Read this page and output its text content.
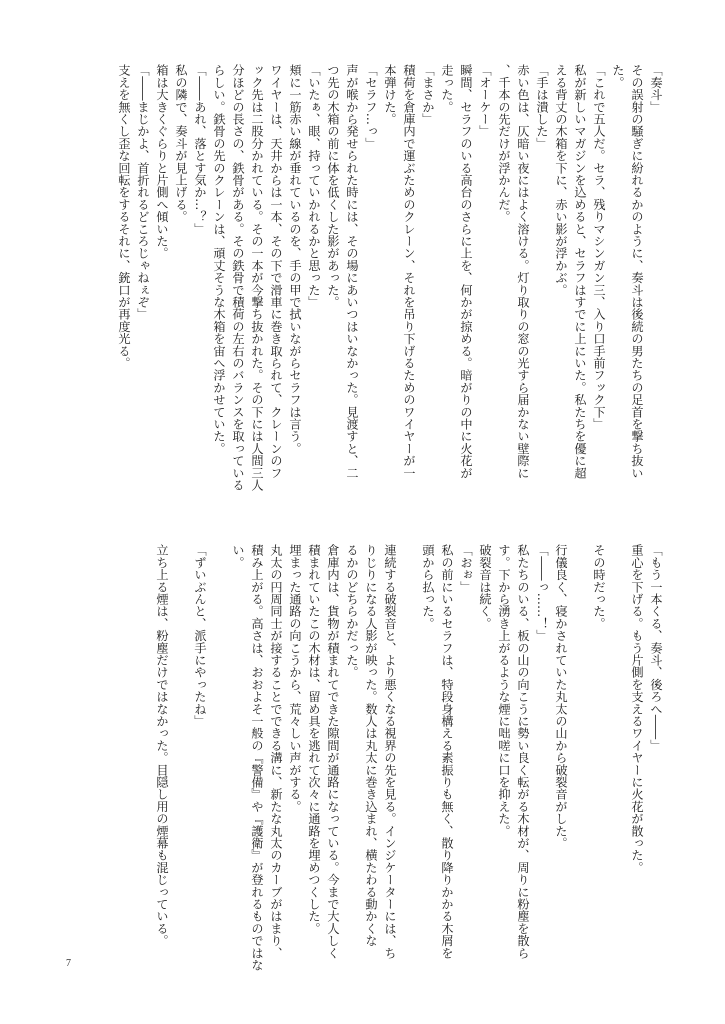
「奏斗」
その誤射の騒ぎに紛れるかのように、奏斗は後続の男たちの足首を撃ち抜い
た。
「これで五人だ。セラ、残りマシンガン三、入り口手前フック下」
私が新しいマガジンを込めると、セラフはすでに上にいた。私たちを優に超
える背丈の木箱を下に、赤い影が浮かぶ。
「手は潰した」
赤い色は、仄暗い夜にはよく溶ける。灯り取りの窓の光すら届かない壁際に
、千本の先だけが浮かんだ。
「オーケー」
瞬間、セラフのいる高台のさらに上を、何かが掠める。暗がりの中に火花が
走った。
「まさか」
積荷を倉庫内で運ぶためのクレーン、それを吊り下げるためのワイヤーが一
本弾けた。
「セラフ…っ」
声が喉から発せられた時には、その場にあいつはいなかった。見渡すと、二
つ先の木箱の前に体を低くした影があった。
「いたぁ、眼、持っていかれるかと思った」
頬に一筋赤い線が垂れているのを、手の甲で拭いながらセラフは言う。
ワイヤーは、天井からは一本、その下で滑車に巻き取られて、クレーンのフ
ック先は二股分かれている。その一本が今撃ち抜かれた。その下には人間三人
分ほどの長さの、鉄骨がある。その鉄骨で積荷の左右のバランスを取っている
らしい。鉄骨の先のクレーンは、頑丈そうな木箱を宙へ浮かせていた。
「――あれ、落とす気か…？」
私の隣で、奏斗が見上げる。
箱は大きくぐらりと片側へ傾いた。
「――まじかよ、首折れるどころじゃねぇぞ」
支えを無くし歪な回転をするそれに、銃口が再度光る。
「もう一本くる、奏斗、後ろへ――」
重心を下げる。もう片側を支えるワイヤーに火花が散った。

その時だった。

行儀良く、寝かされていた丸太の山から破裂音がした。
「――っ……！」
私たちのいる、板の山の向こうに勢い良く転がる木材が、周りに粉塵を散ら
す。下から湧き上がるような煙に咄嗟に口を抑えた。
破裂音は続く。
「おぉ」
私の前にいるセラフは、特段身構える素振りも無く、散り降りかかる木屑を
頭から払った。

連続する破裂音と、より悪くなる視界の先を見る。インジケーターには、ち
りじりになる人影が映った。数人は丸太に巻き込まれ、横たわる動かくな
るかのどちらかだった。
倉庫内は、貨物が積まれてできた隙間が通路になっている。今まで大人しく
積まれていたこの木材は、留め具を逃れて次々に通路を埋めつくした。
埋まった通路の向こうから、荒々しい声がする。
丸太の円周同士が接することでできる溝に、新たな丸太のカーブがはまり、
積み上がる。高さは、おおよそ一般の『警備』や『護衛』が登れるものではな
い。

「ずいぶんと、派手にやったね」

立ち上る煙は、粉塵だけではなかった。目隠し用の煙幕も混じっている。
7
